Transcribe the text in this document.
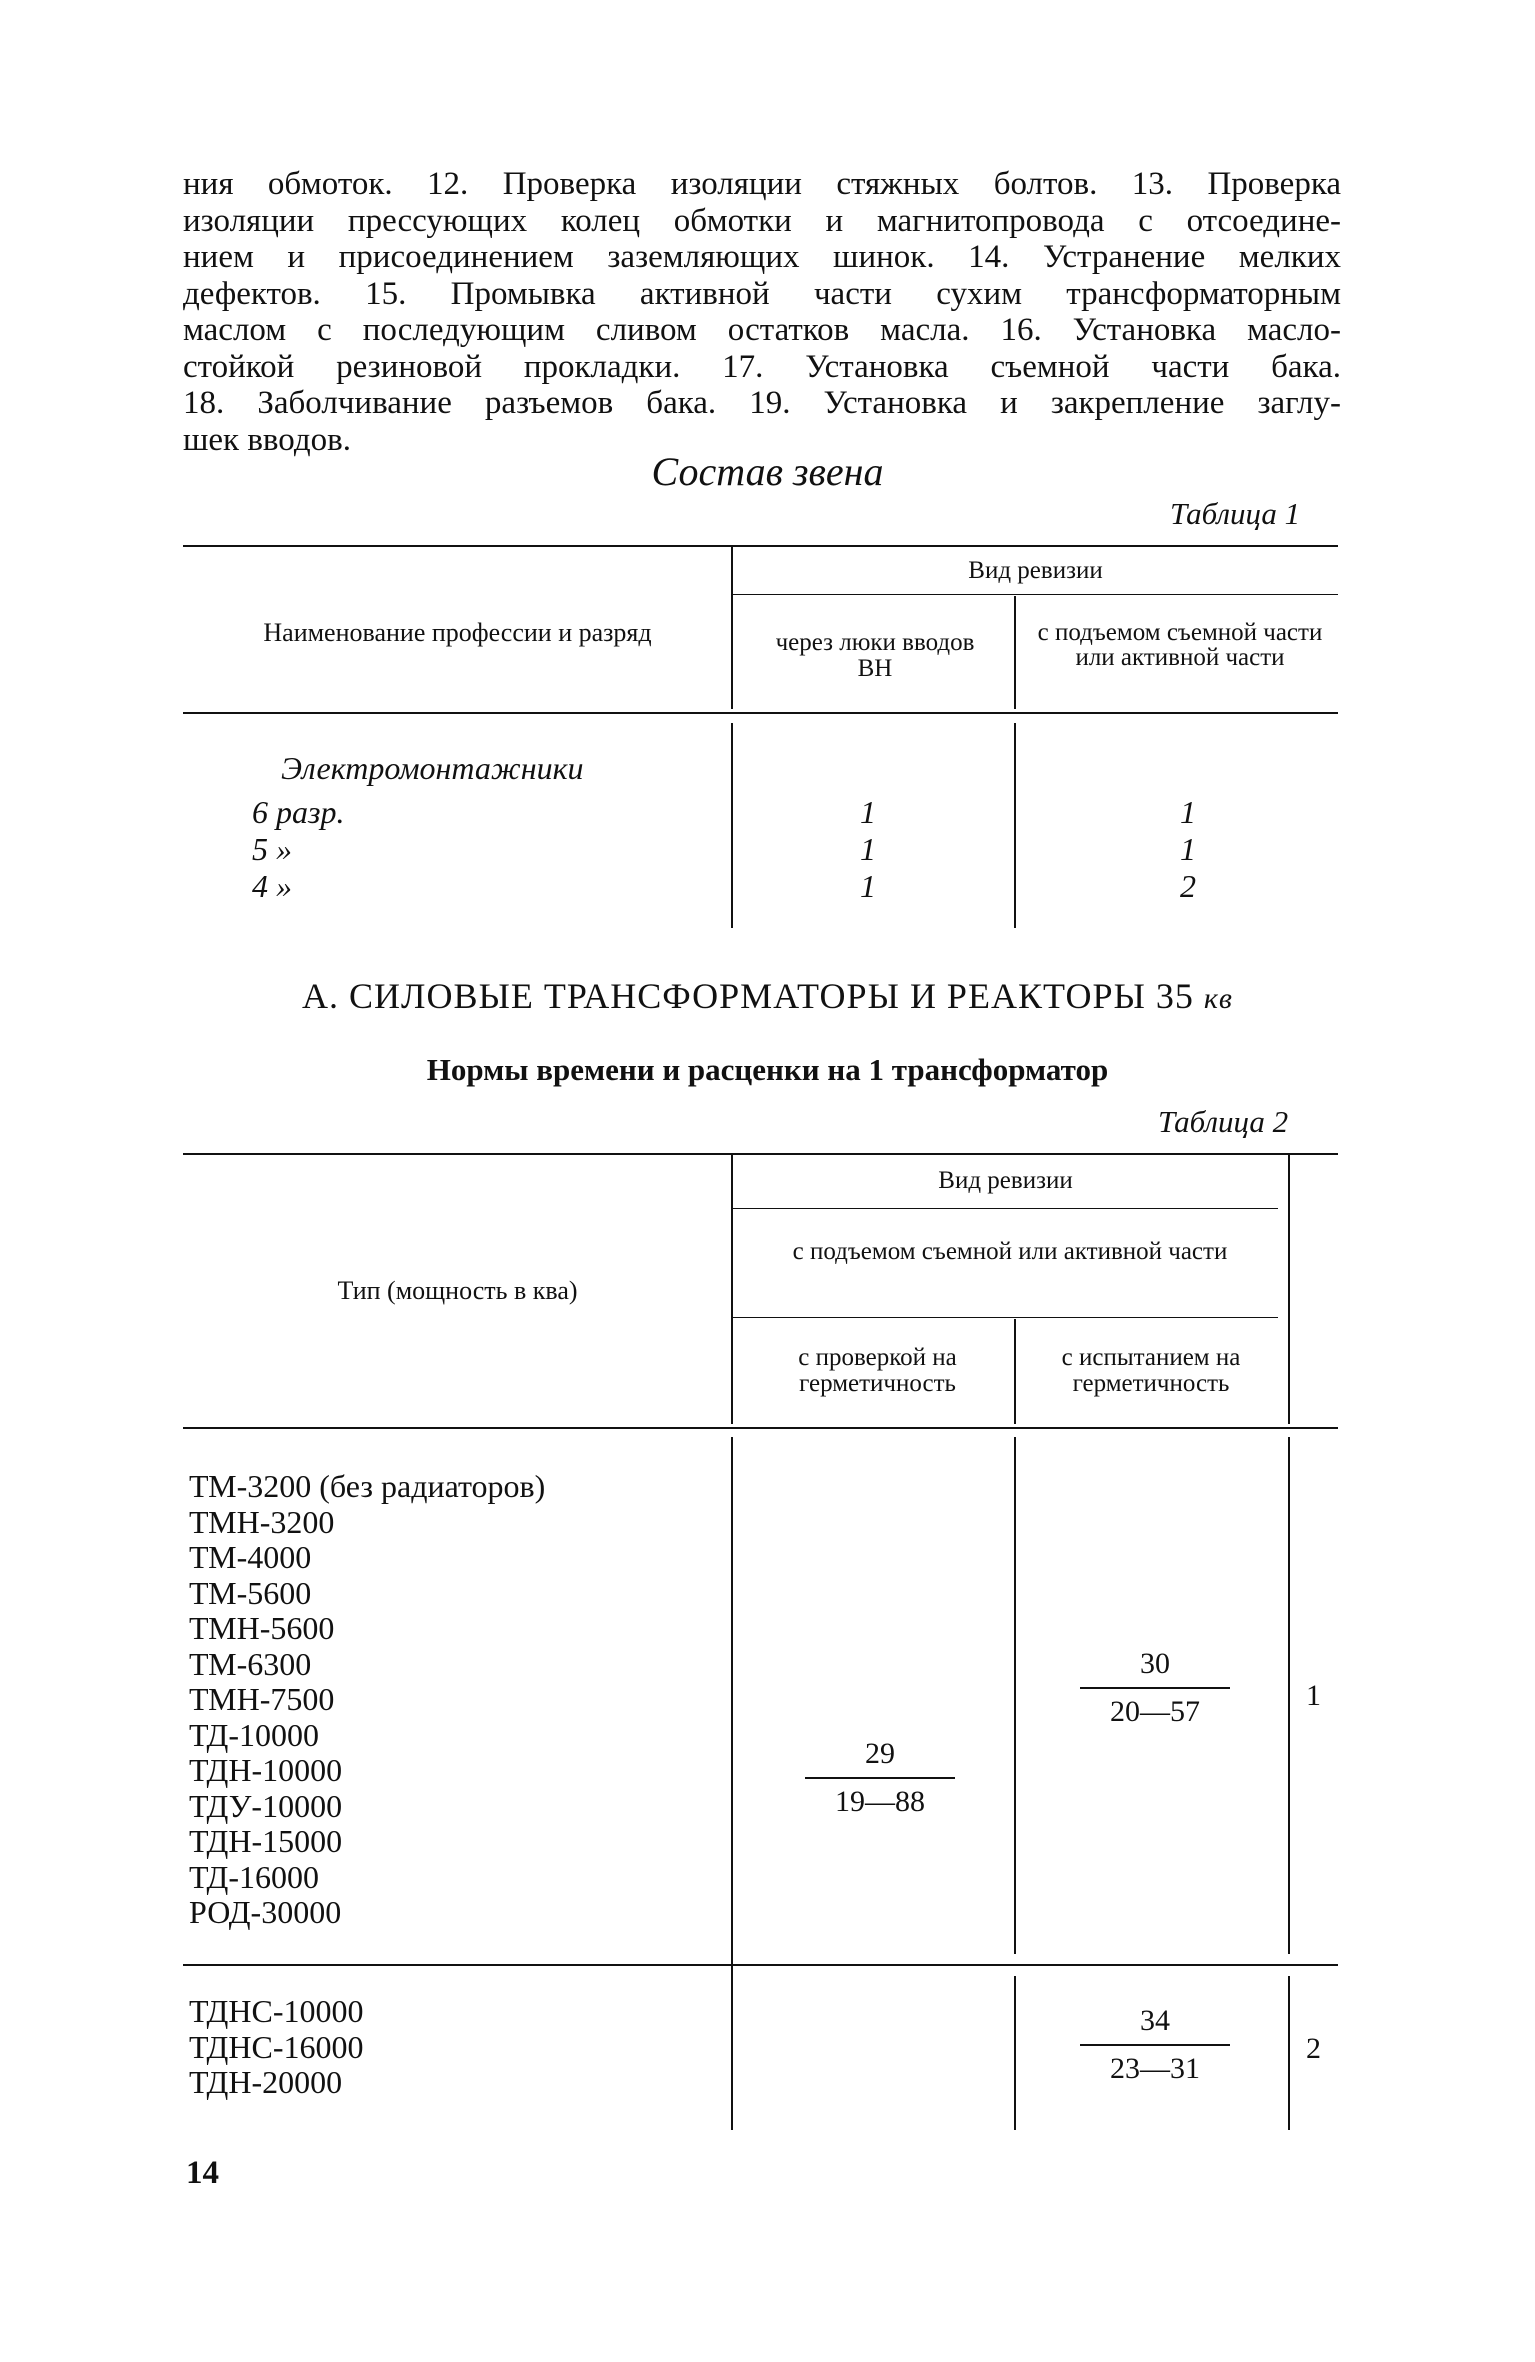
ния обмоток. 12. Проверка изоляции стяжных болтов. 13. Проверка
изоляции прессующих колец обмотки и магнитопровода с отсоедине-
нием и присоединением заземляющих шинок. 14. Устранение мелких
дефектов. 15. Промывка активной части сухим трансформаторным
маслом с последующим сливом остатков масла. 16. Установка масло-
стойкой резиновой прокладки. 17. Установка съемной части бака.
18. Заболчивание разъемов бака. 19. Установка и закрепление заглу-
шек вводов.
Состав звена
Таблица 1
Наименование профессии и разряд
Вид ревизии
через люки вводов ВН
с подъемом съемной части или активной части
Электромонтажники
6 разр.
5 »
4 »
1
1
1
1
1
2
А. СИЛОВЫЕ ТРАНСФОРМАТОРЫ И РЕАКТОРЫ 35 кв
Нормы времени и расценки на 1 трансформатор
Таблица 2
Тип (мощность в ква)
Вид ревизии
с подъемом съемной или активной части
с проверкой на герметичность
с испытанием на герметичность
ТМ-3200 (без радиаторов)
ТМН-3200
ТМ-4000
ТМ-5600
ТМН-5600
ТМ-6300
ТМН-7500
ТД-10000
ТДН-10000
ТДУ-10000
ТДН-15000
ТД-16000
РОД-30000
29
19—88
30
20—57	1
ТДНС-10000
ТДНС-16000
ТДН-20000
34
23—31
2
14
